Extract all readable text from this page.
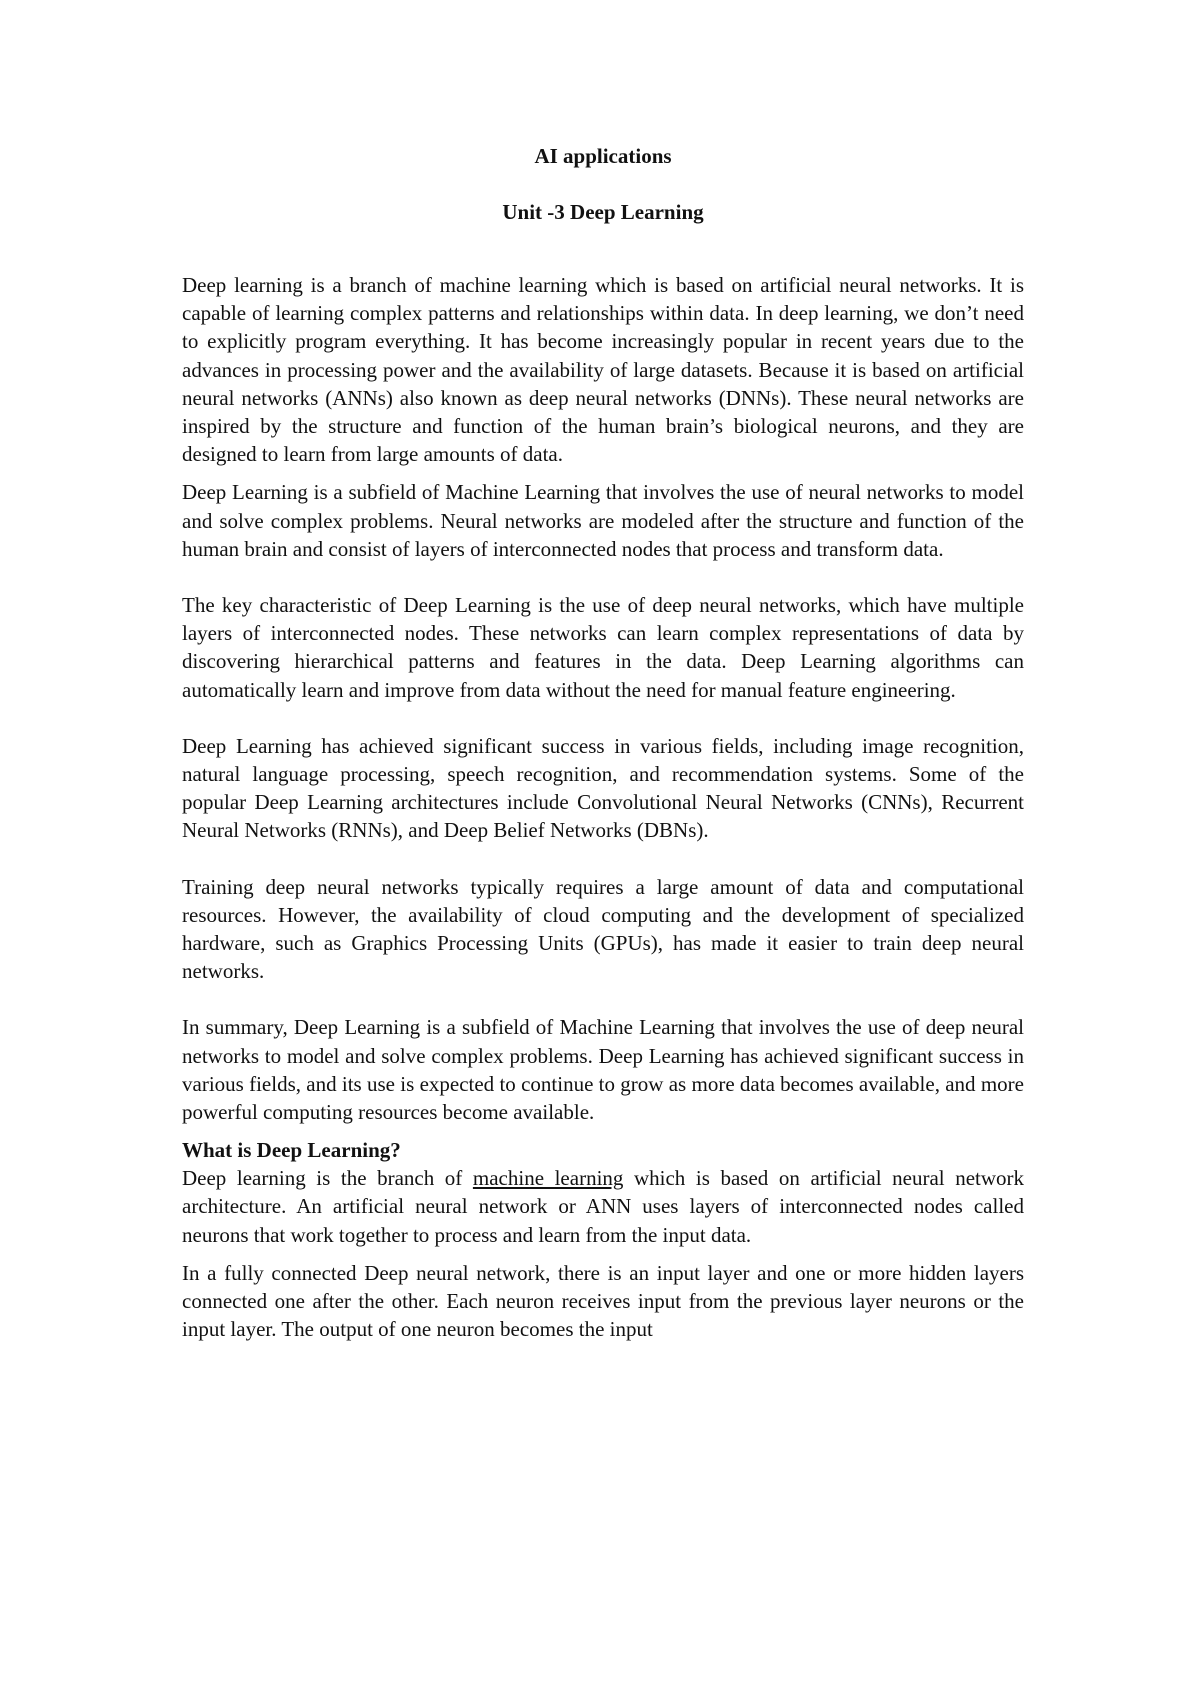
AI applications

Unit -3 Deep Learning

Deep learning is a branch of machine learning which is based on artificial neural networks. It is capable of learning complex patterns and relationships within data. In deep learning, we don’t need to explicitly program everything. It has become increasingly popular in recent years due to the advances in processing power and the availability of large datasets. Because it is based on artificial neural networks (ANNs) also known as deep neural networks (DNNs). These neural networks are inspired by the structure and function of the human brain’s biological neurons, and they are designed to learn from large amounts of data.

Deep Learning is a subfield of Machine Learning that involves the use of neural networks to model and solve complex problems. Neural networks are modeled after the structure and function of the human brain and consist of layers of interconnected nodes that process and transform data.

The key characteristic of Deep Learning is the use of deep neural networks, which have multiple layers of interconnected nodes. These networks can learn complex representations of data by discovering hierarchical patterns and features in the data. Deep Learning algorithms can automatically learn and improve from data without the need for manual feature engineering.

Deep Learning has achieved significant success in various fields, including image recognition, natural language processing, speech recognition, and recommendation systems. Some of the popular Deep Learning architectures include Convolutional Neural Networks (CNNs), Recurrent Neural Networks (RNNs), and Deep Belief Networks (DBNs).

Training deep neural networks typically requires a large amount of data and computational resources. However, the availability of cloud computing and the development of specialized hardware, such as Graphics Processing Units (GPUs), has made it easier to train deep neural networks.

In summary, Deep Learning is a subfield of Machine Learning that involves the use of deep neural networks to model and solve complex problems. Deep Learning has achieved significant success in various fields, and its use is expected to continue to grow as more data becomes available, and more powerful computing resources become available.

What is Deep Learning?

Deep learning is the branch of machine learning which is based on artificial neural network architecture. An artificial neural network or ANN uses layers of interconnected nodes called neurons that work together to process and learn from the input data.

In a fully connected Deep neural network, there is an input layer and one or more hidden layers connected one after the other. Each neuron receives input from the previous layer neurons or the input layer. The output of one neuron becomes the input
